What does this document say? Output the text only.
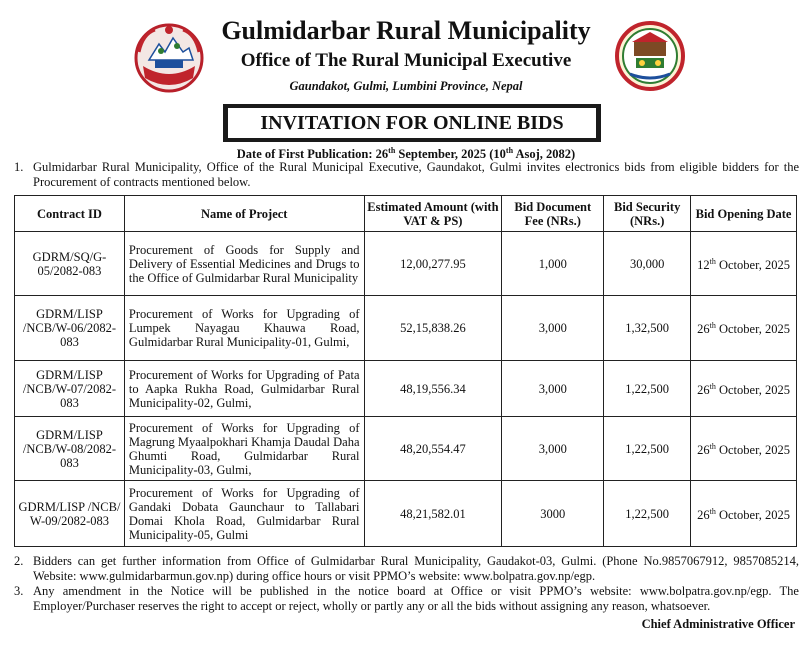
Gulmidarbar Rural Municipality
Office of The Rural Municipal Executive
Gaundakot, Gulmi, Lumbini Province, Nepal
INVITATION FOR ONLINE BIDS
Date of First Publication: 26th September, 2025 (10th Asoj, 2082)
1. Gulmidarbar Rural Municipality, Office of the Rural Municipal Executive, Gaundakot, Gulmi invites electronics bids from eligible bidders for the Procurement of contracts mentioned below.
Contract ID	Name of Project	Estimated Amount (with VAT & PS)	Bid Document Fee (NRs.)	Bid Security (NRs.)	Bid Opening Date
GDRM/SQ/G-05/2082-083	Procurement of Goods for Supply and Delivery of Essential Medicines and Drugs to the Office of Gulmidarbar Rural Municipality	12,00,277.95	1,000	30,000	12th October, 2025
GDRM/LISP /NCB/W-06/2082-083	Procurement of Works for Upgrading of Lumpek Nayagau Khauwa Road, Gulmidarbar Rural Municipality-01, Gulmi,	52,15,838.26	3,000	1,32,500	26th October, 2025
GDRM/LISP /NCB/W-07/2082-083	Procurement of Works for Upgrading of Pata to Aapka Rukha Road, Gulmidarbar Rural Municipality-02, Gulmi,	48,19,556.34	3,000	1,22,500	26th October, 2025
GDRM/LISP /NCB/W-08/2082-083	Procurement of Works for Upgrading of Magrung Myaalpokhari Khamja Daudal Daha Ghumti Road, Gulmidarbar Rural Municipality-03, Gulmi,	48,20,554.47	3,000	1,22,500	26th October, 2025
GDRM/LISP /NCB/ W-09/2082-083	Procurement of Works for Upgrading of Gandaki Dobata Gaunchaur to Tallabari Domai Khola Road, Gulmidarbar Rural Municipality-05, Gulmi	48,21,582.01	3000	1,22,500	26th October, 2025
2. Bidders can get further information from Office of Gulmidarbar Rural Municipality, Gaudakot-03, Gulmi. (Phone No.9857067912, 9857085214, Website: www.gulmidarbarmun.gov.np) during office hours or visit PPMO’s website: www.bolpatra.gov.np/egp.
3. Any amendment in the Notice will be published in the notice board at Office or visit PPMO’s website: www.bolpatra.gov.np/egp. The Employer/Purchaser reserves the right to accept or reject, wholly or partly any or all the bids without assigning any reason, whatsoever.
Chief Administrative Officer
